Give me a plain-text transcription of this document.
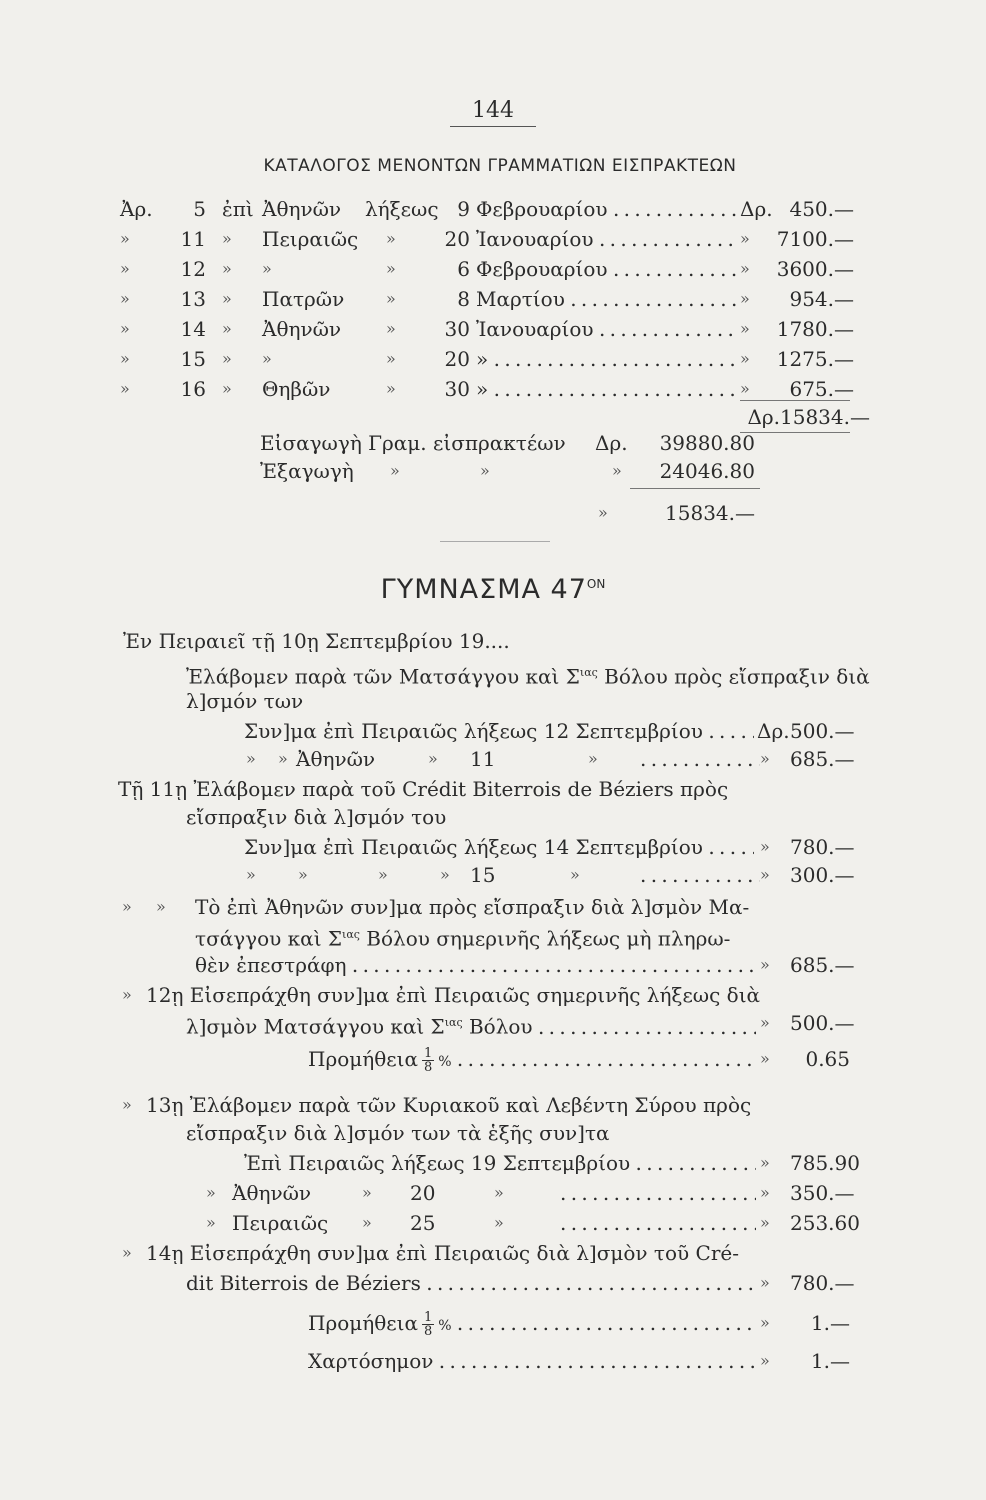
144
ΚΑΤΑΛΟΓΟΣ ΜΕΝΟΝΤΩΝ ΓΡΑΜΜΑΤΙΩΝ ΕΙΣΠΡΑΚΤΕΩΝ
Ἀρ.	5 ἐπὶ Ἀθηνῶν λήξεως 9 Φεβρουαρίου . . .	Δρ. 450.—
»	11 » Πειραιῶς »	20 Ἰανουαρίου . . .	» 7100.—
»	12 » »	»	6 Φεβρουαρίου . . .	» 3600.—
»	13 » Πατρῶν	»	8 Μαρτίου . . .	»	954.—
»	14 » Ἀθηνῶν	»	30 Ἰανουαρίου . . .	» 1780.—
»	15 » »	»	20 » . . .	» 1275.—
»	16 » Θηβῶν	»	30 » . . .	»	675.—
Δρ.15834.—
Εἰσαγωγὴ Γραμ. εἰσπρακτέων Δρ.	39880.80
Ἐξαγωγὴ »	»	»	24046.80
»	15834.—
ΓΥΜΝΑΣΜΑ $47^{ON}$
Ἐν Πειραιεῖ τῇ 10ῃ Σεπτεμβρίου 19....
Ἐλάβομεν παρὰ τῶν Ματσάγγου καὶ $\Sigma^{\iota\alpha\varsigma}$ Βόλου πρὸς εἴσπραξιν διὰ
λ]σμόν των
Συν]μα ἐπὶ Πειραιῶς λήξεως 12 Σεπτεμβρίου . . .	Δρ. 500.—
» » Ἀθηνῶν	» 11	» . . .	» 685.—
Τῇ 11ῃ Ἐλάβομεν παρὰ τοῦ Crédit Biterrois de Béziers πρὸς
εἴσπραξιν διὰ λ]σμόν του
Συν]μα ἐπὶ Πειραιῶς λήξεως 14 Σεπτεμβρίου . . .	» 780.—
»	»	»	» 15	» . . .	» 300.—
» » Τὸ ἐπὶ Ἀθηνῶν συν]μα πρὸς εἴσπραξιν διὰ λ]σμὸν Μα-
τσάγγου καὶ $\Sigma^{\iota\alpha\varsigma}$ Βόλου σημερινῆς λήξεως μὴ πληρω-
θὲν ἐπεστράφη . . .	» 685.—
» 12ῃ Εἰσεπράχθη συν]μα ἐπὶ Πειραιῶς σημερινῆς λήξεως διὰ
λ]σμὸν Ματσάγγου καὶ $\Sigma^{\iota\alpha\varsigma}$ Βόλου . . .	» 500.—
Προμήθεια $\frac{1}{8}$ % . . .	»	0.65
» 13ῃ Ἐλάβομεν παρὰ τῶν Κυριακοῦ καὶ Λεβέντη Σύρου πρὸς
εἴσπραξιν διὰ λ]σμόν των τὰ ἑξῆς συν]τα
Ἐπὶ Πειραιῶς λήξεως 19 Σεπτεμβρίου . . .	» 785.90
» Ἀθηνῶν	» 20	» . . .	» 350.—
» Πειραιῶς » 25	» . . .	» 253.60
» 14ῃ Εἰσεπράχθη συν]μα ἐπὶ Πειραιῶς διὰ λ]σμὸν τοῦ Cré-
dit Biterrois de Béziers . . .	» 780.—
Προμήθεια $\frac{1}{8}$ % . . .	»	1.—
Χαρτόσημον . . .	»	1.—
